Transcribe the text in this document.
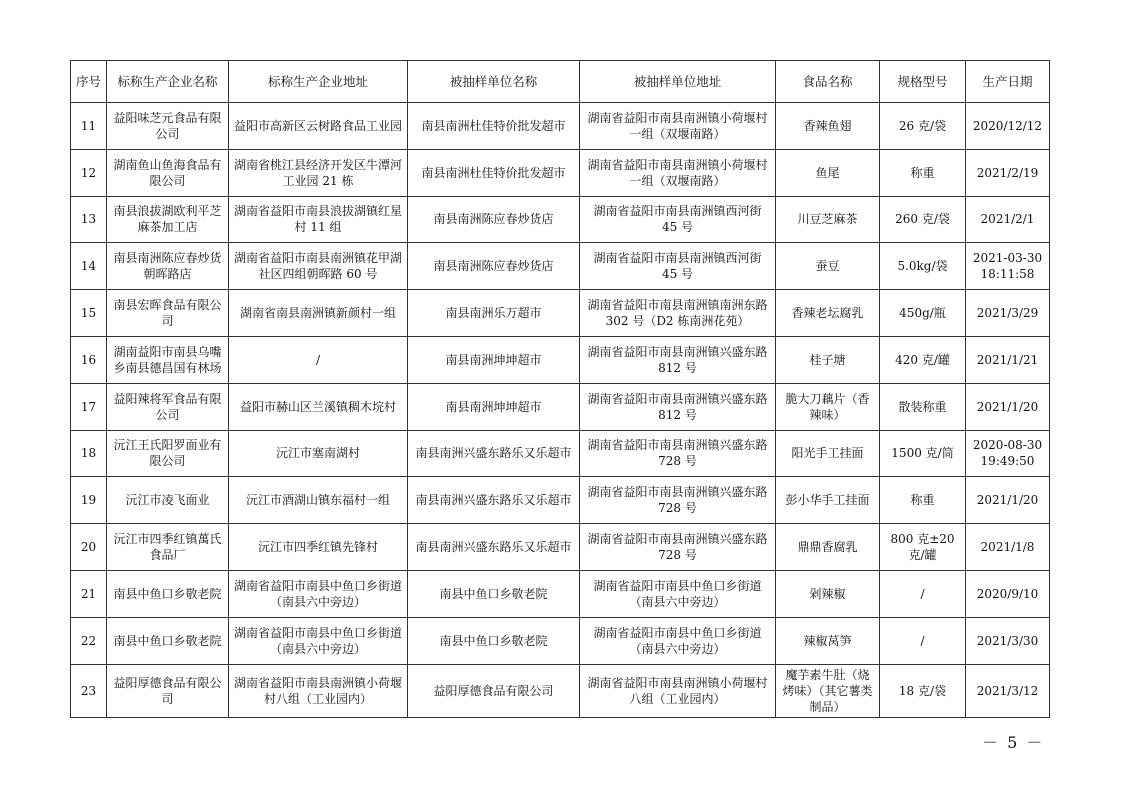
序号	标称生产企业名称	标称生产企业地址	被抽样单位名称	被抽样单位地址	食品名称	规格型号	生产日期
11	益阳味芝元食品有限公司	益阳市高新区云树路食品工业园	南县南洲杜佳特价批发超市	湖南省益阳市南县南洲镇小荷堰村一组（双堰南路）	香辣鱼翅	26 克/袋	2020/12/12
12	湖南鱼山鱼海食品有限公司	湖南省桃江县经济开发区牛潭河工业园 21 栋	南县南洲杜佳特价批发超市	湖南省益阳市南县南洲镇小荷堰村一组（双堰南路）	鱼尾	称重	2021/2/19
13	南县浪拔湖欧利平芝麻茶加工店	湖南省益阳市南县浪拔湖镇红星村 11 组	南县南洲陈应春炒货店	湖南省益阳市南县南洲镇西河街 45 号	川豆芝麻茶	260 克/袋	2021/2/1
14	南县南洲陈应春炒货朝晖路店	湖南省益阳市南县南洲镇花甲湖社区四组朝晖路 60 号	南县南洲陈应春炒货店	湖南省益阳市南县南洲镇西河街 45 号	蚕豆	5.0kg/袋	2021-03-30 18:11:58
15	南县宏晖食品有限公司	湖南省南县南洲镇新颜村一组	南县南洲乐万超市	湖南省益阳市南县南洲镇南洲东路 302 号（D2 栋南洲花苑）	香辣老坛腐乳	450g/瓶	2021/3/29
16	湖南益阳市南县乌嘴乡南县德昌国有林场	/	南县南洲坤坤超市	湖南省益阳市南县南洲镇兴盛东路 812 号	桂子塘	420 克/罐	2021/1/21
17	益阳辣将军食品有限公司	益阳市赫山区兰溪镇稠木垸村	南县南洲坤坤超市	湖南省益阳市南县南洲镇兴盛东路 812 号	脆大刀藕片（香辣味）	散装称重	2021/1/20
18	沅江王氏阳罗面业有限公司	沅江市塞南湖村	南县南洲兴盛东路乐又乐超市	湖南省益阳市南县南洲镇兴盛东路 728 号	阳光手工挂面	1500 克/筒	2020-08-30 19:49:50
19	沅江市凌飞面业	沅江市酒湖山镇东福村一组	南县南洲兴盛东路乐又乐超市	湖南省益阳市南县南洲镇兴盛东路 728 号	彭小华手工挂面	称重	2021/1/20
20	沅江市四季红镇萬氏食品厂	沅江市四季红镇先锋村	南县南洲兴盛东路乐又乐超市	湖南省益阳市南县南洲镇兴盛东路 728 号	鼎鼎香腐乳	800 克±20 克/罐	2021/1/8
21	南县中鱼口乡敬老院	湖南省益阳市南县中鱼口乡街道（南县六中旁边）	南县中鱼口乡敬老院	湖南省益阳市南县中鱼口乡街道（南县六中旁边）	剁辣椒	/	2020/9/10
22	南县中鱼口乡敬老院	湖南省益阳市南县中鱼口乡街道（南县六中旁边）	南县中鱼口乡敬老院	湖南省益阳市南县中鱼口乡街道（南县六中旁边）	辣椒莴笋	/	2021/3/30
23	益阳厚德食品有限公司	湖南省益阳市南县南洲镇小荷堰村八组（工业园内）	益阳厚德食品有限公司	湖南省益阳市南县南洲镇小荷堰村八组（工业园内）	魔芋素牛肚（烧烤味）（其它薯类制品）	18 克/袋	2021/3/12
－ 5 －
